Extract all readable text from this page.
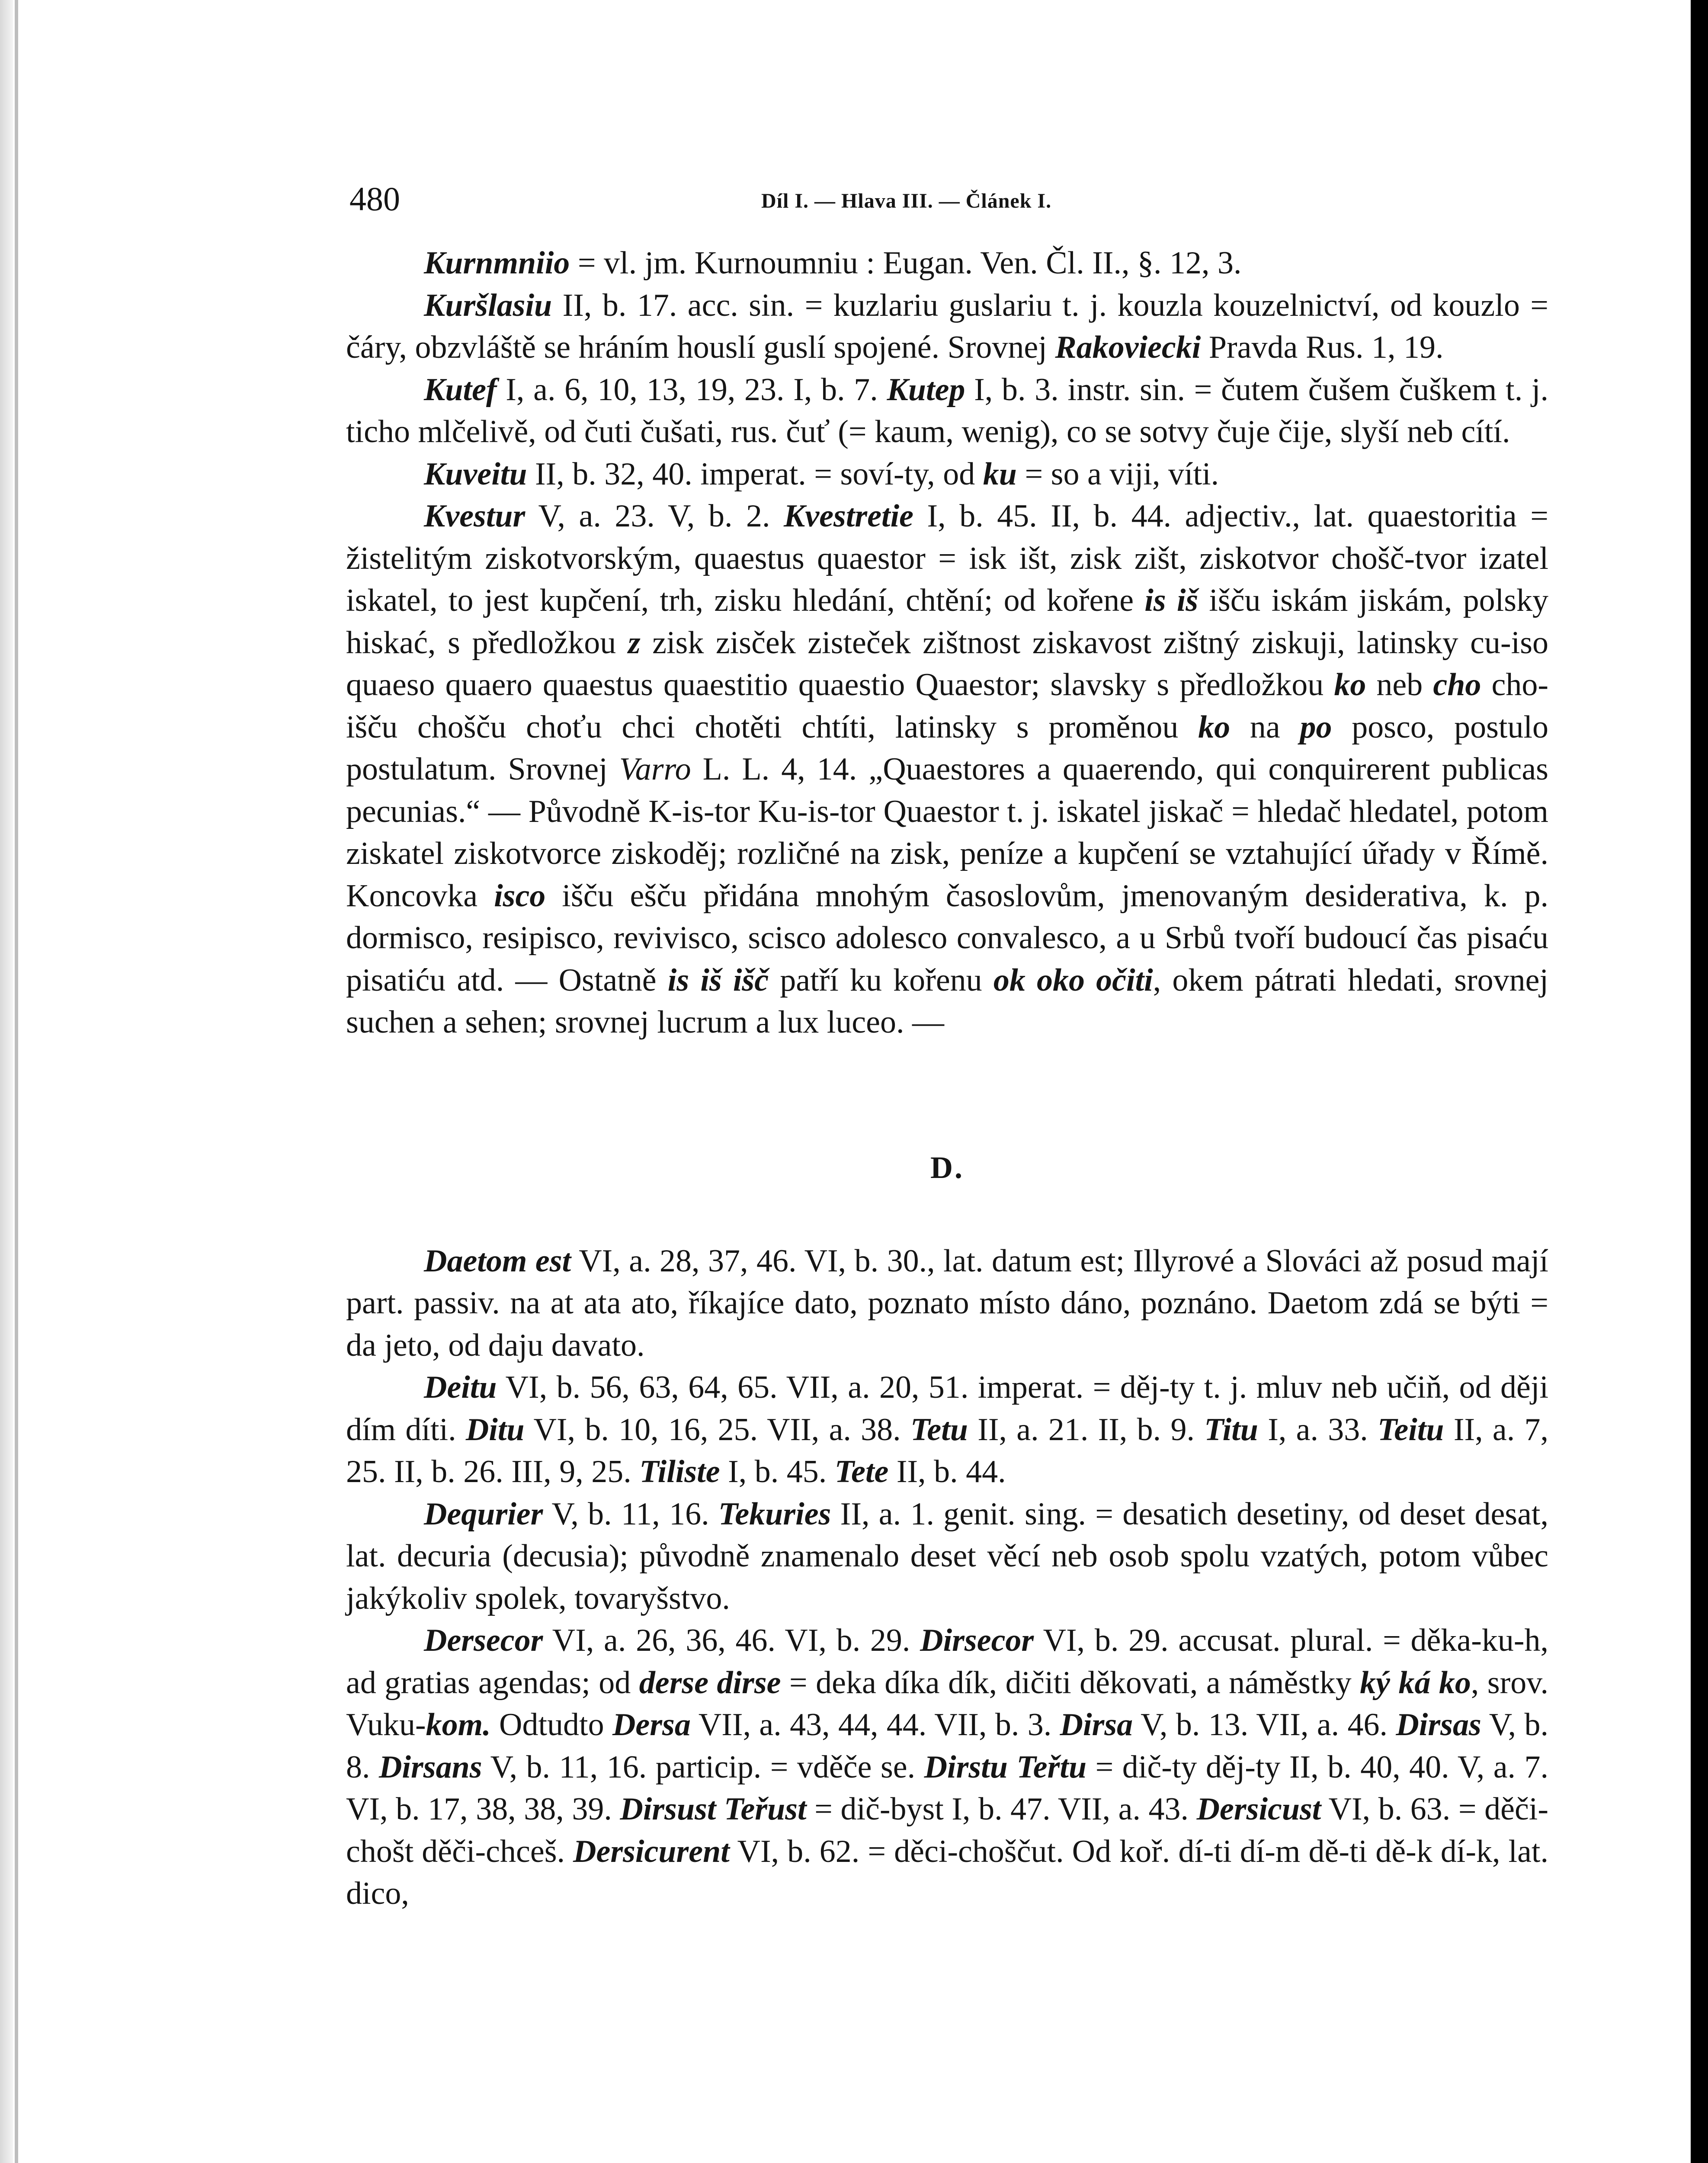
480	Díl I. — Hlava III. — Článek I.

Kurnmniio = vl. jm. Kurnoumniu : Eugan. Ven. Čl. II., §. 12, 3.

Kuršlasiu II, b. 17. acc. sin. = kuzlariu guslariu t. j. kouzla kouzelnictví, od kouzlo = čáry, obzvláště se hráním houslí guslí spojené. Srovnej Rakoviecki Pravda Rus. 1, 19.

Kutef I, a. 6, 10, 13, 19, 23. I, b. 7. Kutep I, b. 3. instr. sin. = čutem čušem čuškem t. j. ticho mlčelivě, od čuti čušati, rus. čuť (= kaum, wenig), co se sotvy čuje čije, slyší neb cítí.

Kuveitu II, b. 32, 40. imperat. = soví-ty, od ku = so a viji, víti.

Kvestur V, a. 23. V, b. 2. Kvestretie I, b. 45. II, b. 44. adjectiv., lat. quaestoritia = žistelitým ziskotvorským, quaestus quaestor = isk išt, zisk zišt, ziskotvor chošč-tvor izatel iskatel, to jest kupčení, trh, zisku hledání, chtění; od kořene is iš išču iskám jiskám, polsky hiskać, s předložkou z zisk zisček zisteček zištnost ziskavost zištný ziskuji, latinsky cu-iso quaeso quaero quaestus quaestitio quaestio Quaestor; slavsky s předložkou ko neb cho cho-išču chošču choťu chci chotěti chtíti, latinsky s proměnou ko na po posco, postulo postulatum. Srovnej Varro L. L. 4, 14. „Quaestores a quaerendo, qui conquirerent publicas pecunias.“ — Původně K-is-tor Ku-is-tor Quaestor t. j. iskatel jiskač = hledač hledatel, potom ziskatel ziskotvorce ziskoděj; rozličné na zisk, peníze a kupčení se vztahující úřady v Římě. Koncovka isco išču ešču přidána mnohým časoslovům, jmenovaným desiderativa, k. p. dormisco, resipisco, revivisco, scisco adolesco convalesco, a u Srbů tvoří budoucí čas pisaću pisatiću atd. — Ostatně is iš išč patří ku kořenu ok oko očiti, okem pátrati hledati, srovnej suchen a sehen; srovnej lucrum a lux luceo. —

D.

Daetom est VI, a. 28, 37, 46. VI, b. 30., lat. datum est; Illyrové a Slováci až posud mají part. passiv. na at ata ato, říkajíce dato, poznato místo dáno, poznáno. Daetom zdá se býti = da jeto, od daju davato.

Deitu VI, b. 56, 63, 64, 65. VII, a. 20, 51. imperat. = děj-ty t. j. mluv neb učiň, od ději dím díti. Ditu VI, b. 10, 16, 25. VII, a. 38. Tetu II, a. 21. II, b. 9. Titu I, a. 33. Teitu II, a. 7, 25. II, b. 26. III, 9, 25. Tiliste I, b. 45. Tete II, b. 44.

Dequrier V, b. 11, 16. Tekuries II, a. 1. genit. sing. = desatich desetiny, od deset desat, lat. decuria (decusia); původně znamenalo deset věcí neb osob spolu vzatých, potom vůbec jakýkoliv spolek, tovaryšstvo.

Dersecor VI, a. 26, 36, 46. VI, b. 29. Dirsecor VI, b. 29. accusat. plural. = děka-ku-h, ad gratias agendas; od derse dirse = deka díka dík, dičiti děkovati, a náměstky ký ká ko, srov. Vuku-kom. Odtudto Dersa VII, a. 43, 44, 44. VII, b. 3. Dirsa V, b. 13. VII, a. 46. Dirsas V, b. 8. Dirsans V, b. 11, 16. particip. = vděče se. Dirstu Teřtu = dič-ty děj-ty II, b. 40, 40. V, a. 7. VI, b. 17, 38, 38, 39. Dirsust Teřust = dič-byst I, b. 47. VII, a. 43. Dersicust VI, b. 63. = děči-chošt děči-chceš. Dersicurent VI, b. 62. = děci-choščut. Od koř. dí-ti dí-m dě-ti dě-k dí-k, lat. dico,
